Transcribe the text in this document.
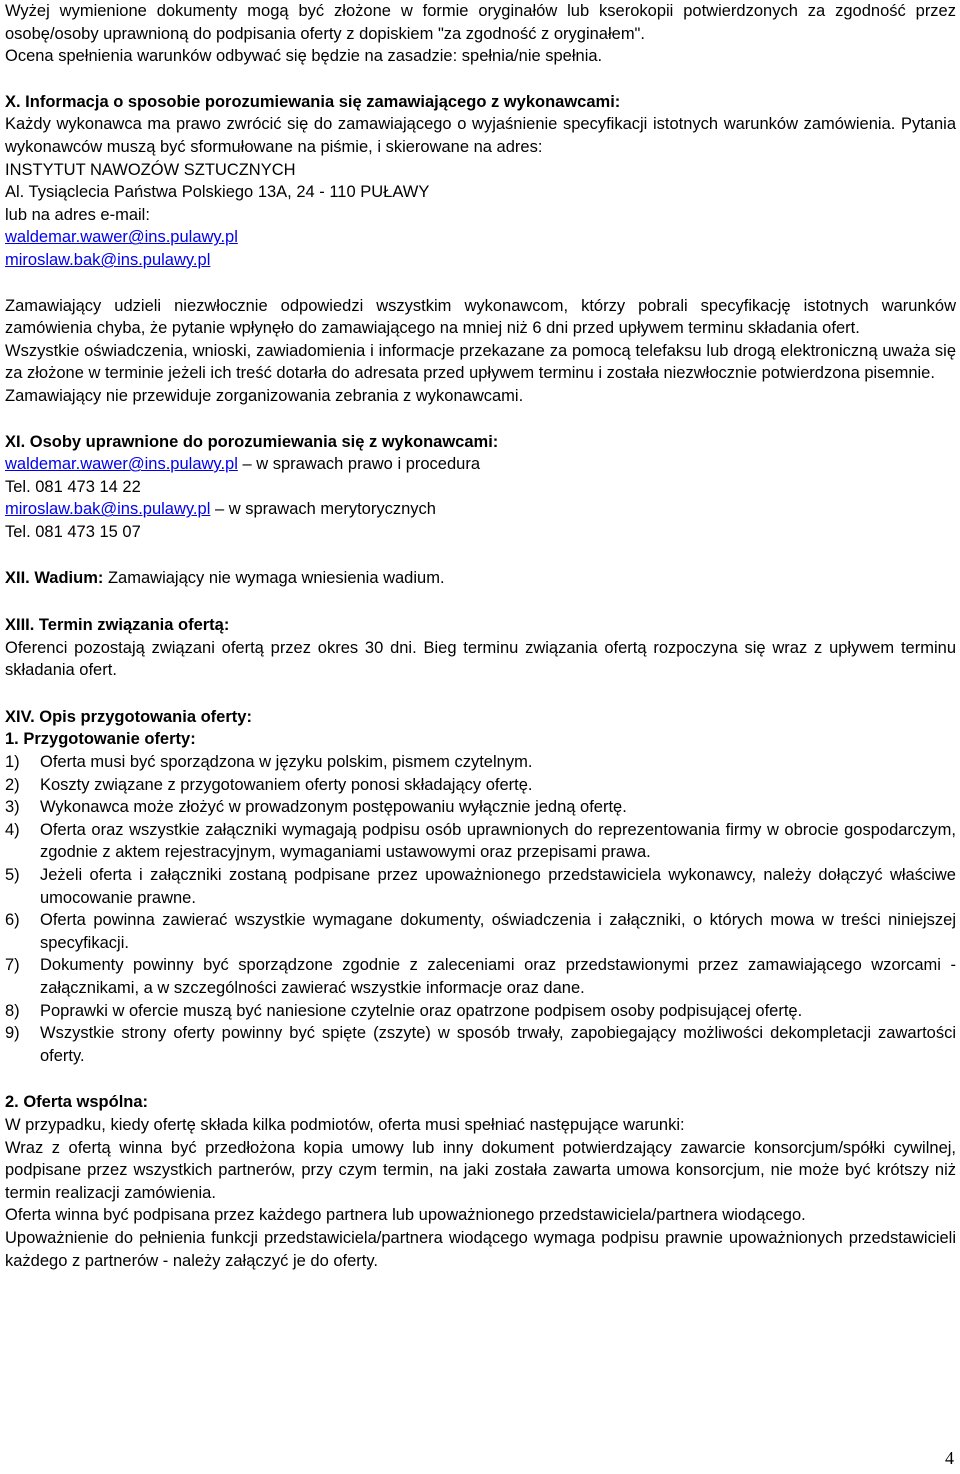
Wyżej wymienione dokumenty mogą być złożone w formie oryginałów lub kserokopii potwierdzonych za zgodność przez osobę/osoby uprawnioną do podpisania oferty z dopiskiem "za zgodność z oryginałem".

Ocena spełnienia warunków odbywać się będzie na zasadzie: spełnia/nie spełnia.

X. Informacja o sposobie porozumiewania się zamawiającego z wykonawcami:

Każdy wykonawca ma prawo zwrócić się do zamawiającego o wyjaśnienie specyfikacji istotnych warunków zamówienia. Pytania wykonawców muszą być sformułowane na piśmie, i skierowane na adres:

INSTYTUT NAWOZÓW SZTUCZNYCH

Al. Tysiąclecia Państwa Polskiego 13A, 24 - 110 PUŁAWY

lub na adres e-mail:

waldemar.wawer@ins.pulawy.pl

miroslaw.bak@ins.pulawy.pl

Zamawiający udzieli niezwłocznie odpowiedzi wszystkim wykonawcom, którzy pobrali specyfikację istotnych warunków zamówienia chyba, że pytanie wpłynęło do zamawiającego na mniej niż 6 dni przed upływem terminu składania ofert.

Wszystkie oświadczenia, wnioski, zawiadomienia i informacje przekazane za pomocą telefaksu lub drogą elektroniczną uważa się za złożone w terminie jeżeli ich treść dotarła do adresata przed upływem terminu i została niezwłocznie potwierdzona pisemnie.

Zamawiający nie przewiduje zorganizowania zebrania z wykonawcami.

XI. Osoby uprawnione do porozumiewania się z wykonawcami:

waldemar.wawer@ins.pulawy.pl – w sprawach prawo i procedura

Tel. 081 473 14 22

miroslaw.bak@ins.pulawy.pl – w sprawach merytorycznych

Tel. 081 473 15 07

XII. Wadium: Zamawiający nie wymaga wniesienia wadium.

XIII. Termin związania ofertą:

Oferenci pozostają związani ofertą przez okres 30 dni. Bieg terminu związania ofertą rozpoczyna się wraz z upływem terminu składania ofert.

XIV. Opis przygotowania oferty:

1. Przygotowanie oferty:

1) Oferta musi być sporządzona w języku polskim, pismem czytelnym.
2) Koszty związane z przygotowaniem oferty ponosi składający ofertę.
3) Wykonawca może złożyć w prowadzonym postępowaniu wyłącznie jedną ofertę.
4) Oferta oraz wszystkie załączniki wymagają podpisu osób uprawnionych do reprezentowania firmy w obrocie gospodarczym, zgodnie z aktem rejestracyjnym, wymaganiami ustawowymi oraz przepisami prawa.
5) Jeżeli oferta i załączniki zostaną podpisane przez upoważnionego przedstawiciela wykonawcy, należy dołączyć właściwe umocowanie prawne.
6) Oferta powinna zawierać wszystkie wymagane dokumenty, oświadczenia i załączniki, o których mowa w treści niniejszej specyfikacji.
7) Dokumenty powinny być sporządzone zgodnie z zaleceniami oraz przedstawionymi przez zamawiającego wzorcami - załącznikami, a w szczególności zawierać wszystkie informacje oraz dane.
8) Poprawki w ofercie muszą być naniesione czytelnie oraz opatrzone podpisem osoby podpisującej ofertę.
9) Wszystkie strony oferty powinny być spięte (zszyte) w sposób trwały, zapobiegający możliwości dekompletacji zawartości oferty.

2. Oferta wspólna:

W przypadku, kiedy ofertę składa kilka podmiotów, oferta musi spełniać następujące warunki:

Wraz z ofertą winna być przedłożona kopia umowy lub inny dokument potwierdzający zawarcie konsorcjum/spółki cywilnej, podpisane przez wszystkich partnerów, przy czym termin, na jaki została zawarta umowa konsorcjum, nie może być krótszy niż termin realizacji zamówienia.

Oferta winna być podpisana przez każdego partnera lub upoważnionego przedstawiciela/partnera wiodącego.

Upoważnienie do pełnienia funkcji przedstawiciela/partnera wiodącego wymaga podpisu prawnie upoważnionych przedstawicieli każdego z partnerów - należy załączyć je do oferty.

4
